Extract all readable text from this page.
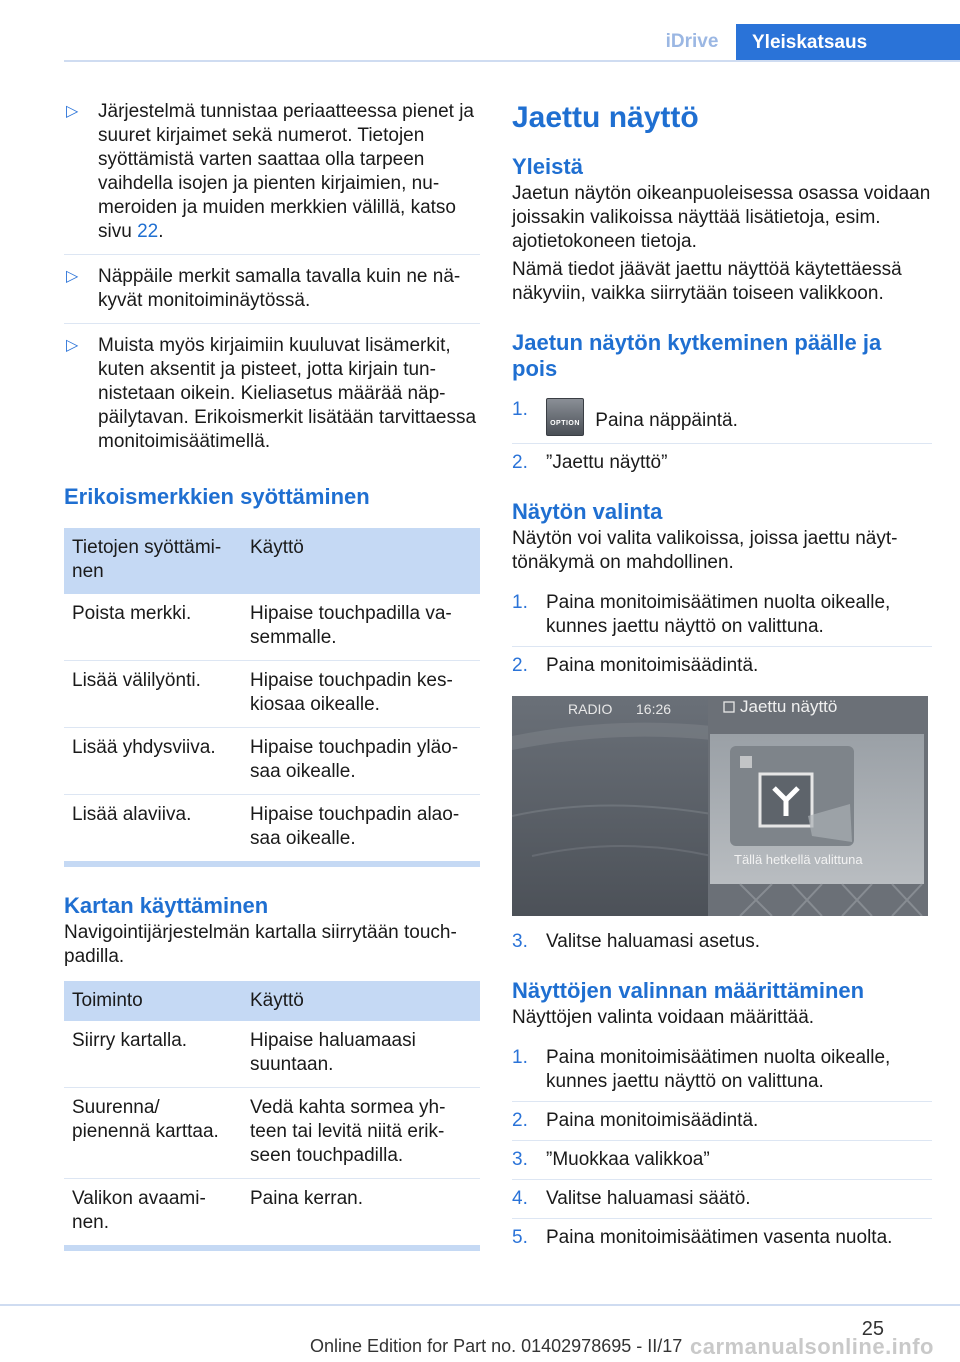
iDrive	Yleiskatsaus
▷	Järjestelmä tunnistaa periaatteessa pienet ja suuret kirjaimet sekä numerot. Tietojen syöttämistä varten saattaa olla tarpeen vaihdella isojen ja pienten kirjaimien, numeroiden ja muiden merkkien välillä, katso sivu 22.
▷	Näppäile merkit samalla tavalla kuin ne näkyvät monitoiminäytössä.
▷	Muista myös kirjaimiin kuuluvat lisämerkit, kuten aksentit ja pisteet, jotta kirjain tunnistetaan oikein. Kieliasetus määrää näppäilytavan. Erikoismerkit lisätään tarvittaessa monitoimisäätimellä.
Erikoismerkkien syöttäminen
Tietojen syöttäminen	Käyttö
Poista merkki.	Hipaise touchpadilla vasemmalle.
Lisää välilyönti.	Hipaise touchpadin keskiosaa oikealle.
Lisää yhdysviiva.	Hipaise touchpadin yläosaa oikealle.
Lisää alaviiva.	Hipaise touchpadin alaosaa oikealle.
Kartan käyttäminen

Navigointijärjestelmän kartalla siirrytään touchpadilla.

Toiminto	Käyttö
Siirry kartalla.	Hipaise haluamaasi suuntaan.
Suurenna/ pienennä karttaa.	Vedä kahta sormea yhteen tai levitä niitä erikseen touchpadilla.
Valikon avaaminen.	Paina kerran.
Jaettu näyttö
Yleistä

Jaetun näytön oikeanpuoleisessa osassa voidaan joissakin valikoissa näyttää lisätietoja, esim. ajotietokoneen tietoja.

Nämä tiedot jäävät jaettu näyttöä käytettäessä näkyviin, vaikka siirrytään toiseen valikkoon.

Jaetun näytön kytkeminen päälle ja pois
1.
OPTION Paina näppäintä.
2. ”Jaettu näyttö”
Näytön valinta

Näytön voi valita valikoissa, joissa jaettu näyttönäkymä on mahdollinen.

1. Paina monitoimisäätimen nuolta oikealle, kunnes jaettu näyttö on valittuna.
2. Paina monitoimisäädintä.
RADIO 16:26	Jaettu näyttö
Tällä hetkellä valittuna
3. Valitse haluamasi asetus.
Näyttöjen valinnan määrittäminen

Näyttöjen valinta voidaan määrittää.

1. Paina monitoimisäätimen nuolta oikealle, kunnes jaettu näyttö on valittuna.
2. Paina monitoimisäädintä.
3. ”Muokkaa valikkoa”
4. Valitse haluamasi säätö.
5. Paina monitoimisäätimen vasenta nuolta.
25
Online Edition for Part no. 01402978695 - II/17 carmanualsonline.info
